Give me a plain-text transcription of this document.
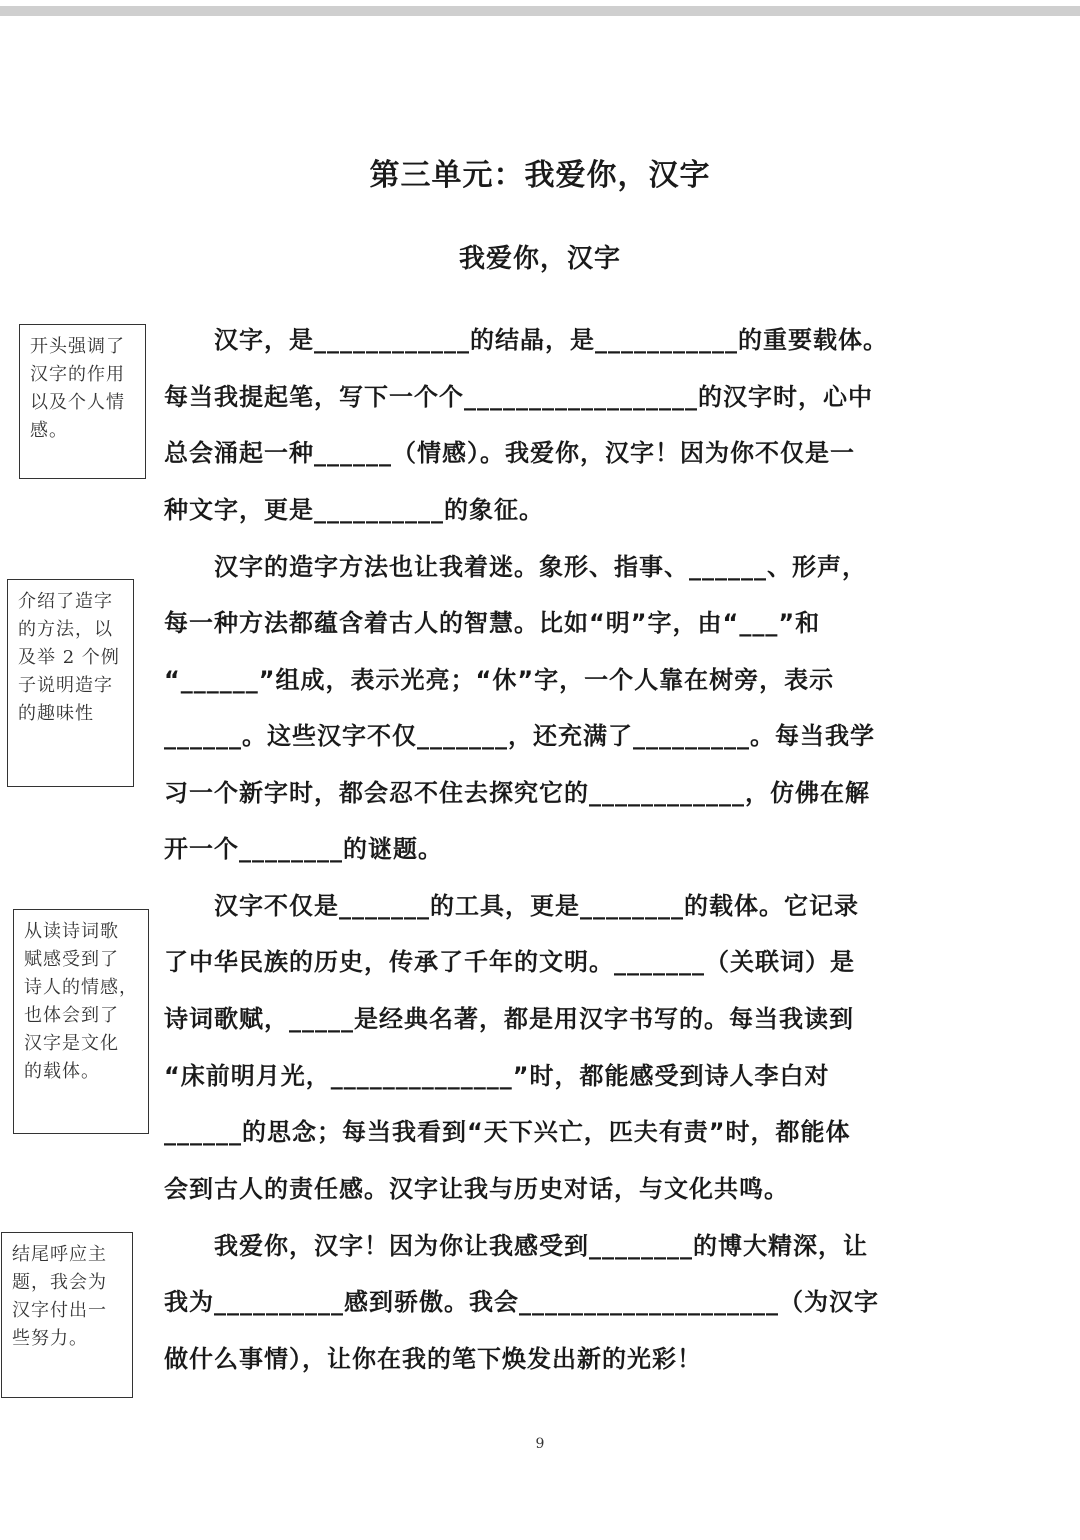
第三单元：我爱你，汉字
我爱你，汉字
开头强调了
汉字的作用
以及个人情
感。
介绍了造字
的方法，以
及举 2 个例
子说明造字
的趣味性
从读诗词歌
赋感受到了
诗人的情感，
也体会到了
汉字是文化
的载体。
结尾呼应主
题，我会为
汉字付出一
些努力。
汉字，是____________的结晶，是___________的重要载体。
每当我提起笔，写下一个个__________________的汉字时，心中
总会涌起一种______（情感）。我爱你，汉字！因为你不仅是一
种文字，更是__________的象征。
汉字的造字方法也让我着迷。象形、指事、______、形声，
每一种方法都蕴含着古人的智慧。比如“明”字，由“___”和
“______”组成，表示光亮；“休”字，一个人靠在树旁，表示
______。这些汉字不仅_______，还充满了_________。每当我学
习一个新字时，都会忍不住去探究它的____________，仿佛在解
开一个________的谜题。
汉字不仅是_______的工具，更是________的载体。它记录
了中华民族的历史，传承了千年的文明。_______（关联词）是
诗词歌赋，_____是经典名著，都是用汉字书写的。每当我读到
“床前明月光，______________”时，都能感受到诗人李白对
______的思念；每当我看到“天下兴亡，匹夫有责”时，都能体
会到古人的责任感。汉字让我与历史对话，与文化共鸣。
我爱你，汉字！因为你让我感受到________的博大精深，让
我为__________感到骄傲。我会____________________（为汉字
做什么事情），让你在我的笔下焕发出新的光彩！
9
